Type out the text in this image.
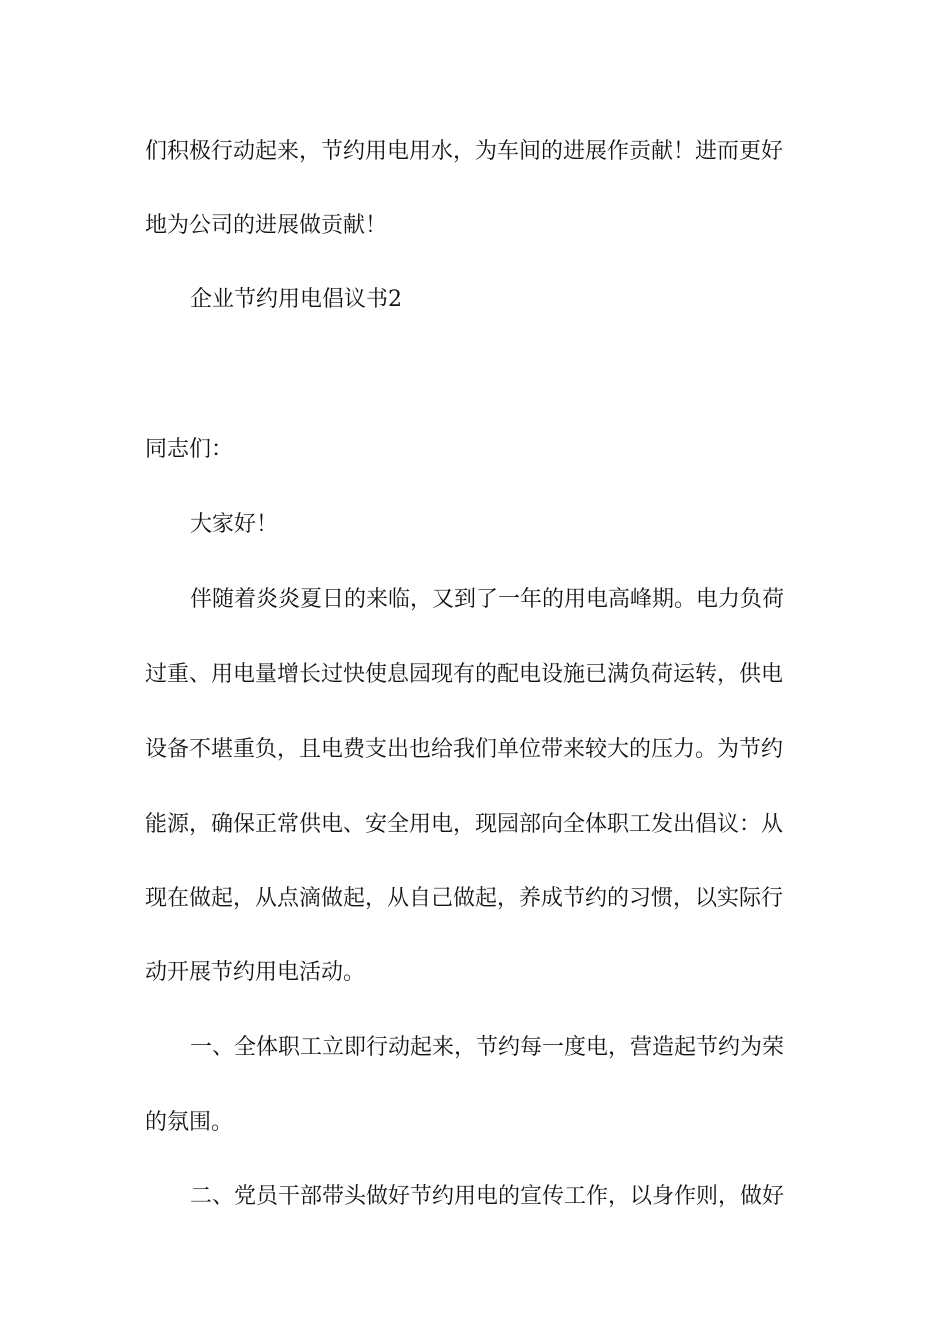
们积极行动起来，节约用电用水，为车间的进展作贡献！进而更好

地为公司的进展做贡献！

企业节约用电倡议书2

同志们：

大家好！

伴随着炎炎夏日的来临，又到了一年的用电高峰期。电力负荷

过重、用电量增长过快使息园现有的配电设施已满负荷运转，供电

设备不堪重负，且电费支出也给我们单位带来较大的压力。为节约

能源，确保正常供电、安全用电，现园部向全体职工发出倡议：从

现在做起，从点滴做起，从自己做起，养成节约的习惯，以实际行

动开展节约用电活动。

一、全体职工立即行动起来，节约每一度电，营造起节约为荣

的氛围。

二、党员干部带头做好节约用电的宣传工作，以身作则，做好
